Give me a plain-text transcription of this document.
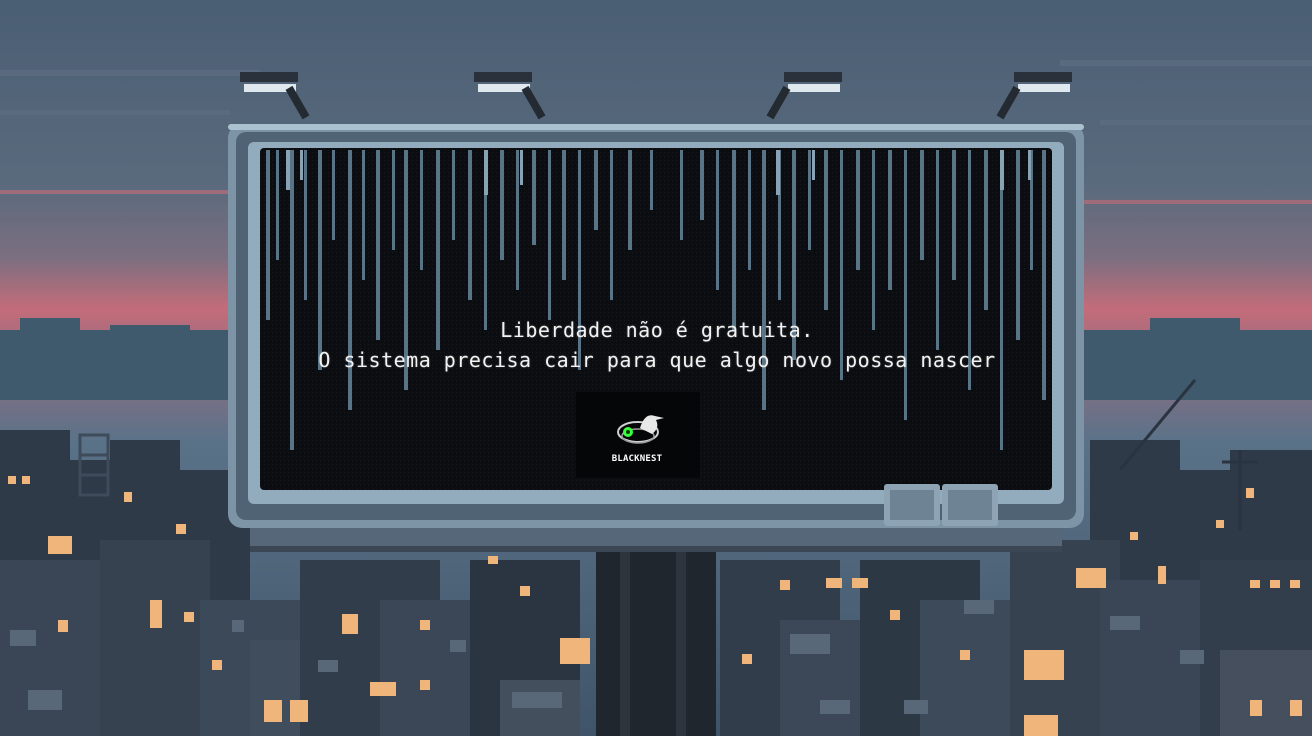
Liberdade não é gratuita.
O sistema precisa cair para que algo novo possa nascer
BLACKNEST
